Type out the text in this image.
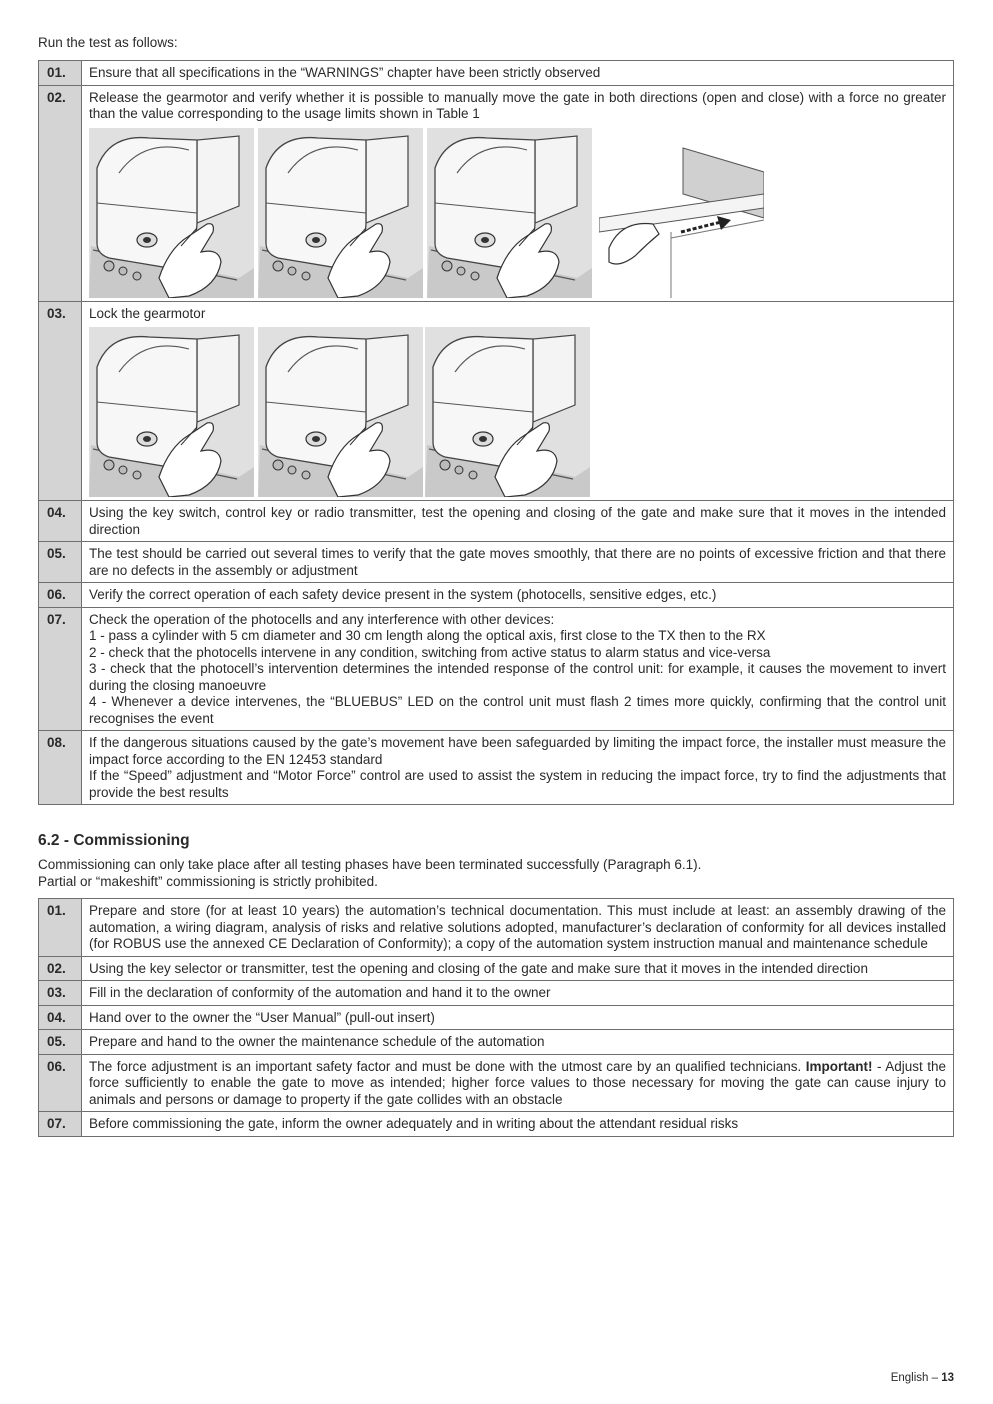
Run the test as follows:
01.	Ensure that all specifications in the “WARNINGS” chapter have been strictly observed

02.	Release the gearmotor and verify whether it is possible to manually move the gate in both directions (open and close) with a force no greater than the value corresponding to the usage limits shown in Table 1

03.	Lock the gearmotor

04.	Using the key switch, control key or radio transmitter, test the opening and closing of the gate and make sure that it moves in the intended direction

05.	The test should be carried out several times to verify that the gate moves smoothly, that there are no points of excessive friction and that there are no defects in the assembly or adjustment

06.	Verify the correct operation of each safety device present in the system (photocells, sensitive edges, etc.)

07.	Check the operation of the photocells and any interference with other devices:
1 - pass a cylinder with 5 cm diameter and 30 cm length along the optical axis, first close to the TX then to the RX
2 - check that the photocells intervene in any condition, switching from active status to alarm status and vice-versa
3 - check that the photocell’s intervention determines the intended response of the control unit: for example, it causes the movement to invert during the closing manoeuvre
4 - Whenever a device intervenes, the “BLUEBUS” LED on the control unit must flash 2 times more quickly, confirming that the control unit recognises the event

08.	If the dangerous situations caused by the gate’s movement have been safeguarded by limiting the impact force, the installer must measure the impact force according to the EN 12453 standard
If the “Speed” adjustment and “Motor Force” control are used to assist the system in reducing the impact force, try to find the adjustments that provide the best results
6.2 - Commissioning
Commissioning can only take place after all testing phases have been terminated successfully (Paragraph 6.1).
Partial or “makeshift” commissioning is strictly prohibited.
01.	Prepare and store (for at least 10 years) the automation’s technical documentation. This must include at least: an assembly drawing of the automation, a wiring diagram, analysis of risks and relative solutions adopted, manufacturer’s declaration of conformity for all devices installed (for ROBUS use the annexed CE Declaration of Conformity); a copy of the automation system instruction manual and maintenance schedule
02.	Using the key selector or transmitter, test the opening and closing of the gate and make sure that it moves in the intended direction
03.	Fill in the declaration of conformity of the automation and hand it to the owner
04.	Hand over to the owner the “User Manual” (pull-out insert)
05.	Prepare and hand to the owner the maintenance schedule of the automation
06.	The force adjustment is an important safety factor and must be done with the utmost care by an qualified technicians. Important! - Adjust the force sufficiently to enable the gate to move as intended; higher force values to those necessary for moving the gate can cause injury to animals and persons or damage to property if the gate collides with an obstacle
07.	Before commissioning the gate, inform the owner adequately and in writing about the attendant residual risks
English – 13
